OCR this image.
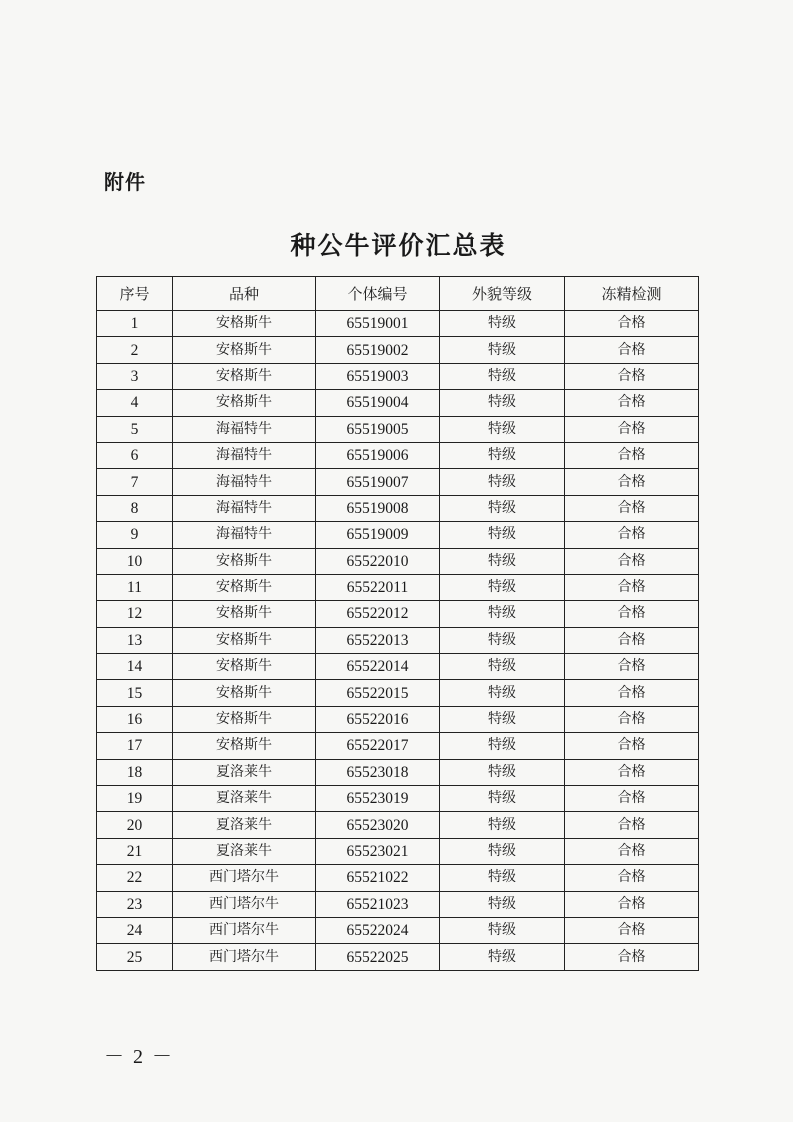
附件
种公牛评价汇总表
序号	品种	个体编号	外貌等级	冻精检测
1	安格斯牛	65519001	特级	合格
2	安格斯牛	65519002	特级	合格
3	安格斯牛	65519003	特级	合格
4	安格斯牛	65519004	特级	合格
5	海福特牛	65519005	特级	合格
6	海福特牛	65519006	特级	合格
7	海福特牛	65519007	特级	合格
8	海福特牛	65519008	特级	合格
9	海福特牛	65519009	特级	合格
10	安格斯牛	65522010	特级	合格
11	安格斯牛	65522011	特级	合格
12	安格斯牛	65522012	特级	合格
13	安格斯牛	65522013	特级	合格
14	安格斯牛	65522014	特级	合格
15	安格斯牛	65522015	特级	合格
16	安格斯牛	65522016	特级	合格
17	安格斯牛	65522017	特级	合格
18	夏洛莱牛	65523018	特级	合格
19	夏洛莱牛	65523019	特级	合格
20	夏洛莱牛	65523020	特级	合格
21	夏洛莱牛	65523021	特级	合格
22	西门塔尔牛	65521022	特级	合格
23	西门塔尔牛	65521023	特级	合格
24	西门塔尔牛	65522024	特级	合格
25	西门塔尔牛	65522025	特级	合格
－ 2 －
